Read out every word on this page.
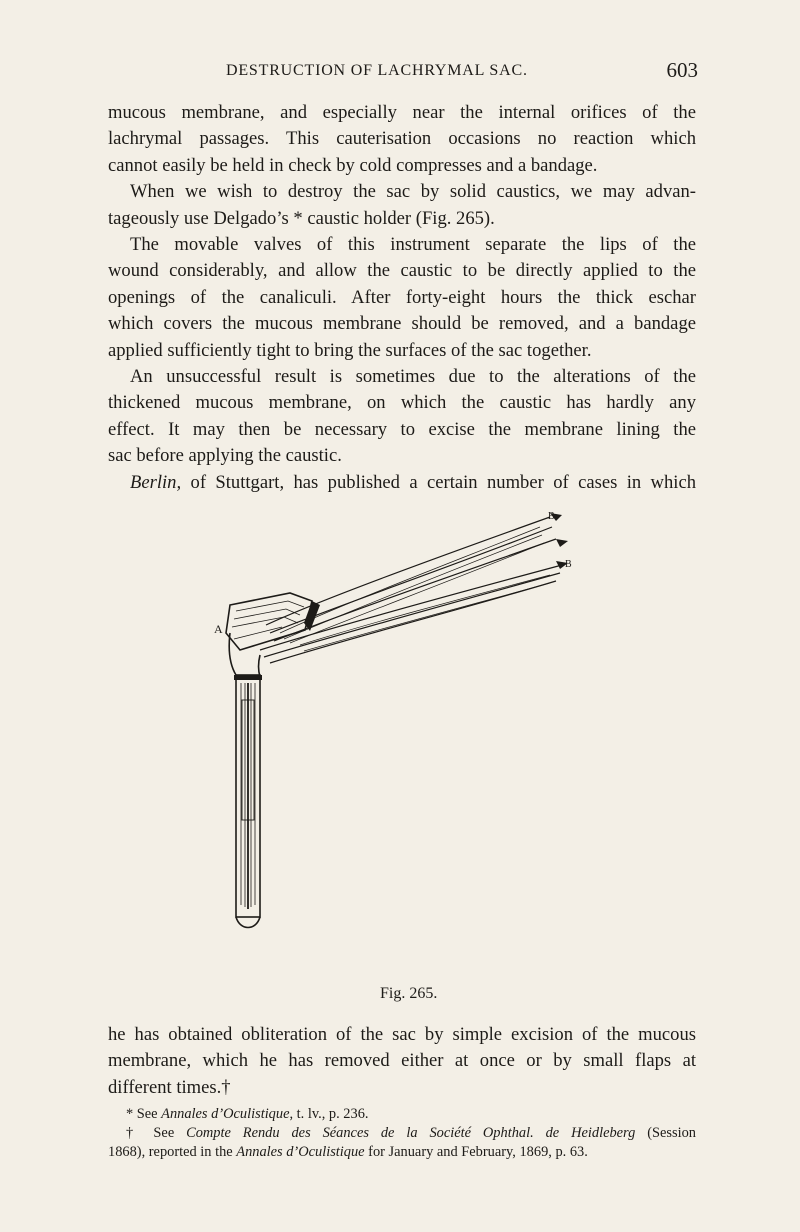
DESTRUCTION OF LACHRYMAL SAC.	603
mucous membrane, and especially near the internal orifices of the
lachrymal passages. This cauterisation occasions no reaction which
cannot easily be held in check by cold compresses and a bandage.
When we wish to destroy the sac by solid caustics, we may advan-
tageously use Delgado’s * caustic holder (Fig. 265).
The movable valves of this instrument separate the lips of the
wound considerably, and allow the caustic to be directly applied to the
openings of the canaliculi. After forty-eight hours the thick eschar
which covers the mucous membrane should be removed, and a bandage
applied sufficiently tight to bring the surfaces of the sac together.
An unsuccessful result is sometimes due to the alterations of the
thickened mucous membrane, on which the caustic has hardly any
effect. It may then be necessary to excise the membrane lining the
sac before applying the caustic.
Berlin, of Stuttgart, has published a certain number of cases in which
B
B
A
Fig. 265.
he has obtained obliteration of the sac by simple excision of the mucous
membrane, which he has removed either at once or by small flaps at
different times.†
* See Annales d’Oculistique, t. lv., p. 236.
† See Compte Rendu des Séances de la Société Ophthal. de Heidleberg (Session
1868), reported in the Annales d’Oculistique for January and February, 1869, p. 63.
